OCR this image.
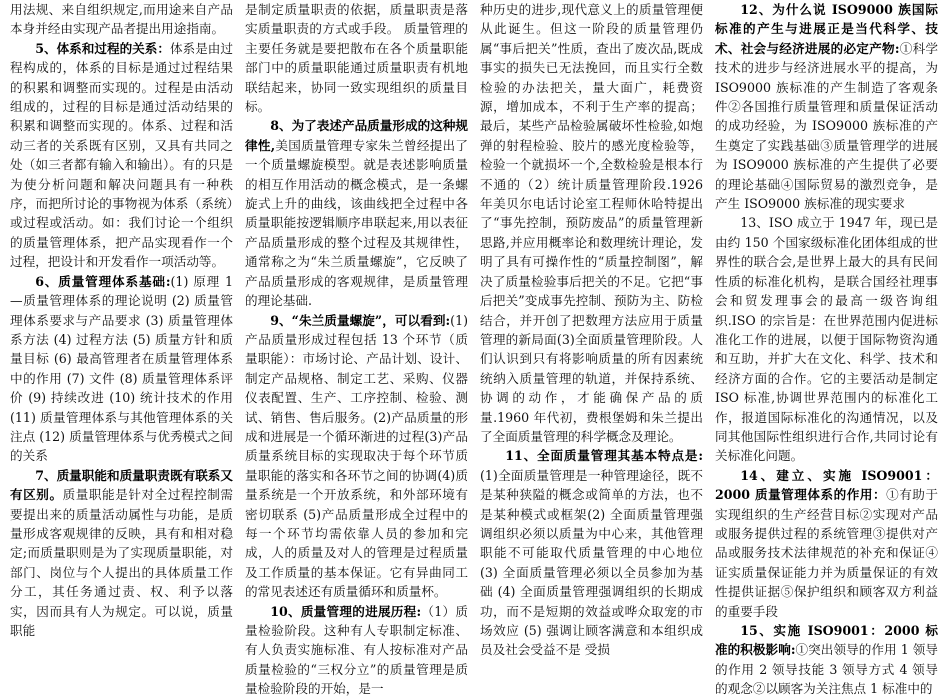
用法规、来自组织规定,而用途来自产品本身并经由实现产品者提出用途指南。

5、体系和过程的关系：体系是由过程构成的，体系的目标是通过过程结果的积累和调整而实现的。过程是由活动组成的，过程的目标是通过活动结果的积累和调整而实现的。体系、过程和活动三者的关系既有区别，又具有共同之处（如三者都有输入和输出）。有的只是为使分析问题和解决问题具有一种秩序，而把所讨论的事物视为体系（系统）或过程或活动。如：我们讨论一个组织的质量管理体系，把产品实现看作一个过程，把设计和开发看作一项活动等。

6、质量管理体系基础:(1) 原理 1—质量管理体系的理论说明 (2) 质量管理体系要求与产品要求 (3) 质量管理体系方法 (4) 过程方法 (5) 质量方针和质量目标 (6) 最高管理者在质量管理体系中的作用 (7) 文件 (8) 质量管理体系评价 (9) 持续改进 (10) 统计技术的作用 (11) 质量管理体系与其他管理体系的关注点 (12) 质量管理体系与优秀模式之间的关系

7、质量职能和质量职责既有联系又有区别。质量职能是针对全过程控制需要提出来的质量活动属性与功能，是质量形成客观规律的反映，具有和相对稳定;而质量职则是为了实现质量职能，对部门、岗位与个人提出的具体质量工作分工，其任务通过责、权、利予以落实，因而具有人为规定。可以说，质量职能

是制定质量职责的依据，质量职责是落实质量职责的方式或手段。 质量管理的主要任务就是要把散布在各个质量职能部门中的质量职能通过质量职责有机地联结起来，协同一致实现组织的质量目标。

8、为了表述产品质量形成的这种规律性,美国质量管理专家朱兰曾经提出了一个质量螺旋模型。就是表述影响质量的相互作用活动的概念模式，是一条螺旋式上升的曲线，该曲线把全过程中各质量职能按逻辑顺序串联起来,用以表征产品质量形成的整个过程及其规律性，通常称之为“朱兰质量螺旋”，它反映了产品质量形成的客观规律，是质量管理的理论基础.

9、“朱兰质量螺旋”，可以看到:(1)产品质量形成过程包括 13 个环节（质量职能）：市场讨论、产品计划、设计、制定产品规格、制定工艺、采购、仪器仪表配置、生产、工序控制、检验、测试、销售、售后服务。(2)产品质量的形成和进展是一个循环渐进的过程(3)产品质量系统目标的实现取决于每个环节质量职能的落实和各环节之间的协调(4)质量系统是一个开放系统，和外部环境有密切联系 (5)产品质量形成全过程中的每一个环节均需依靠人员的参加和完成，人的质量及对人的管理是过程质量及工作质量的基本保证。它有异曲同工的常见表述还有质量循环和质量杯。

10、质量管理的进展历程:（1）质量检验阶段。这种有人专职制定标准、有人负责实施标准、有人按标准对产品质量检验的“三权分立”的质量管理是质量检验阶段的开始，是一

种历史的进步,现代意义上的质量管理便从此诞生。但这一阶段的质量管理仍属“事后把关”性质，查出了废次品,既成事实的损失已无法挽回，而且实行全数检验的办法把关，量大面广，耗费资源，增加成本，不利于生产率的提高；最后，某些产品检验属破坏性检验,如炮弹的射程检验、胶片的感光度检验等，检验一个就损坏一个,全数检验是根本行不通的（2）统计质量管理阶段.1926 年美贝尔电话讨论室工程师休哈特提出了“事先控制，预防废品”的质量管理新思路,并应用概率论和数理统计理论，发明了具有可操作性的“质量控制图”，解决了质量检验事后把关的不足。它把“事后把关”变成事先控制、预防为主、防检结合，并开创了把数理方法应用于质量管理的新局面(3)全面质量管理阶段。人们认识到只有将影响质量的所有因素统统纳入质量管理的轨道，并保持系统、协调的动作，才能确保产品的质量.1960 年代初，费根堡姆和朱兰提出了全面质量管理的科学概念及理论。

11、全面质量管理其基本特点是:(1)全面质量管理是一种管理途径，既不是某种狭隘的概念或简单的方法，也不是某种模式或框架(2) 全面质量管理强调组织必须以质量为中心来，其他管理职能不可能取代质量管理的中心地位 (3) 全面质量管理必须以全员参加为基础 (4) 全面质量管理强调组织的长期成功，而不是短期的效益或哗众取宠的市场效应 (5) 强调让顾客满意和本组织成员及社会受益不是 受损

12、为什么说 ISO9000 族国际标准的产生与进展正是当代科学、技术、社会与经济进展的必定产物:①科学技术的进步与经济进展水平的提高，为 ISO9000 族标准的产生制造了客观条件②各国推行质量管理和质量保证活动的成功经验，为 ISO9000 族标准的产生奠定了实践基础③质量管理学的进展为 ISO9000 族标准的产生提供了必要的理论基础④国际贸易的激烈竞争，是产生 ISO9000 族标准的现实要求

13、ISO 成立于 1947 年，现已是由约 150 个国家级标准化团体组成的世界性的联合会,是世界上最大的具有民间性质的标准化机构，是联合国经社理事会和贸发理事会的最高一级咨询组织.ISO 的宗旨是：在世界范围内促进标准化工作的进展，以便于国际物资沟通和互助，并扩大在文化、科学、技术和经济方面的合作。它的主要活动是制定 ISO 标准,协调世界范围内的标准化工作，报道国际标准化的沟通情况，以及同其他国际性组织进行合作,共同讨论有关标准化问题。

14、建立、实施 ISO9001：2000 质量管理体系的作用：①有助于实现组织的生产经营目标②实现对产品或服务提供过程的系统管理③提供对产品或服务技术法律规范的补充和保证④证实质量保证能力并为质量保证的有效性提供证据⑤保护组织和顾客双方利益的重要手段

15、实施 ISO9001：2000 标准的积极影响:①突出领导的作用 1 领导的作用 2 领导技能 3 领导方式 4 领导的观念②以顾客为关注焦点 1 标准中的
